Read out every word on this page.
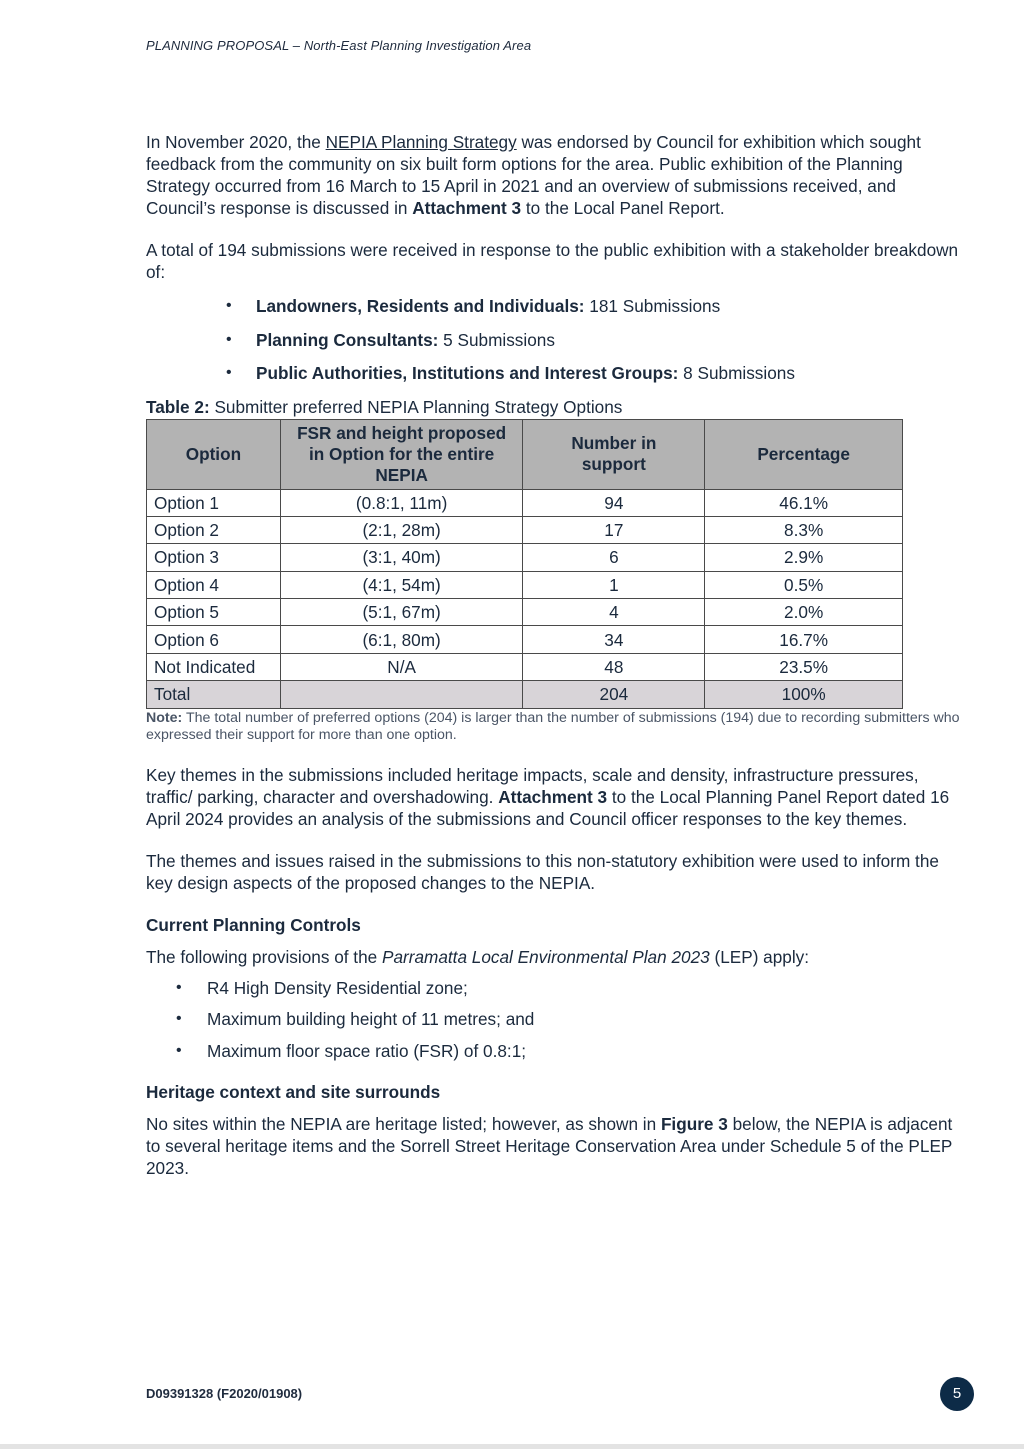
PLANNING PROPOSAL – North-East Planning Investigation Area

In November 2020, the NEPIA Planning Strategy was endorsed by Council for exhibition which sought feedback from the community on six built form options for the area. Public exhibition of the Planning Strategy occurred from 16 March to 15 April in 2021 and an overview of submissions received, and Council’s response is discussed in Attachment 3 to the Local Panel Report.

A total of 194 submissions were received in response to the public exhibition with a stakeholder breakdown of:

• Landowners, Residents and Individuals: 181 Submissions
• Planning Consultants: 5 Submissions
• Public Authorities, Institutions and Interest Groups: 8 Submissions

Table 2: Submitter preferred NEPIA Planning Strategy Options

Option	FSR and height proposed in Option for the entire NEPIA	Number in support	Percentage
Option 1	(0.8:1, 11m)	94	46.1%
Option 2	(2:1, 28m)	17	8.3%
Option 3	(3:1, 40m)	6	2.9%
Option 4	(4:1, 54m)	1	0.5%
Option 5	(5:1, 67m)	4	2.0%
Option 6	(6:1, 80m)	34	16.7%
Not Indicated	N/A	48	23.5%
Total		204	100%

Note: The total number of preferred options (204) is larger than the number of submissions (194) due to recording submitters who expressed their support for more than one option.

Key themes in the submissions included heritage impacts, scale and density, infrastructure pressures, traffic/ parking, character and overshadowing. Attachment 3 to the Local Planning Panel Report dated 16 April 2024 provides an analysis of the submissions and Council officer responses to the key themes.

The themes and issues raised in the submissions to this non-statutory exhibition were used to inform the key design aspects of the proposed changes to the NEPIA.

Current Planning Controls

The following provisions of the Parramatta Local Environmental Plan 2023 (LEP) apply:

• R4 High Density Residential zone;
• Maximum building height of 11 metres; and
• Maximum floor space ratio (FSR) of 0.8:1;
Heritage context and site surrounds

No sites within the NEPIA are heritage listed; however, as shown in Figure 3 below, the NEPIA is adjacent to several heritage items and the Sorrell Street Heritage Conservation Area under Schedule 5 of the PLEP 2023.

D09391328 (F2020/01908)	5
